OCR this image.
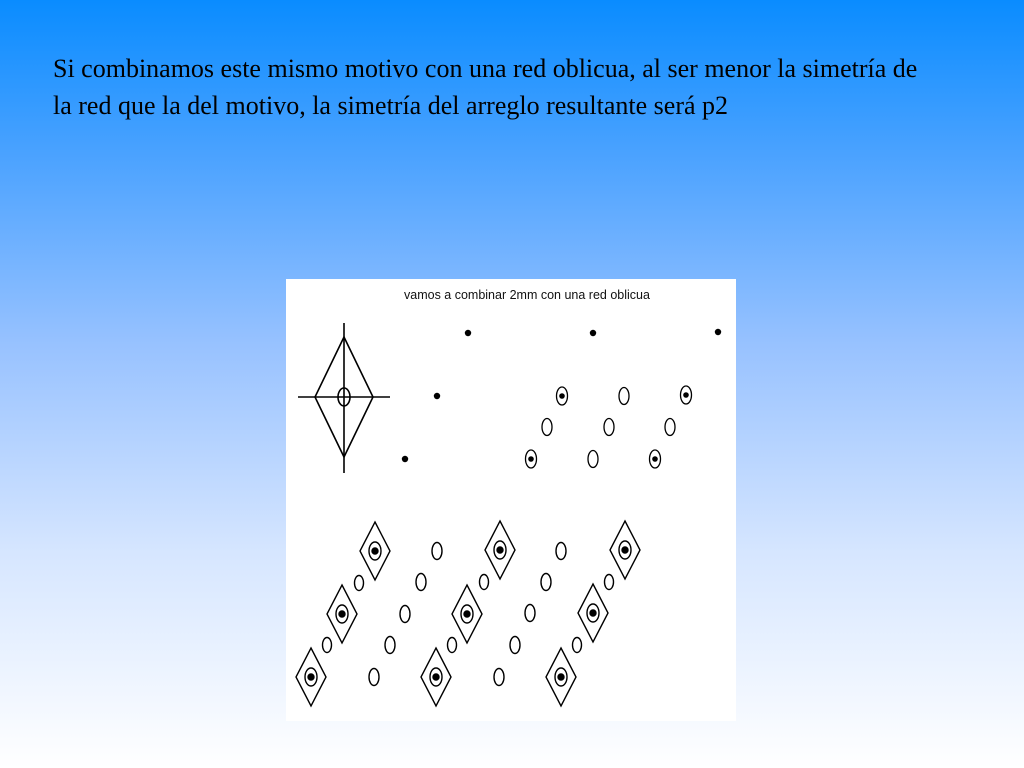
Si combinamos este mismo motivo con una red oblicua, al ser menor la simetría de la red que la del motivo, la simetría del arreglo resultante será p2

vamos a combinar 2mm con una red oblicua
